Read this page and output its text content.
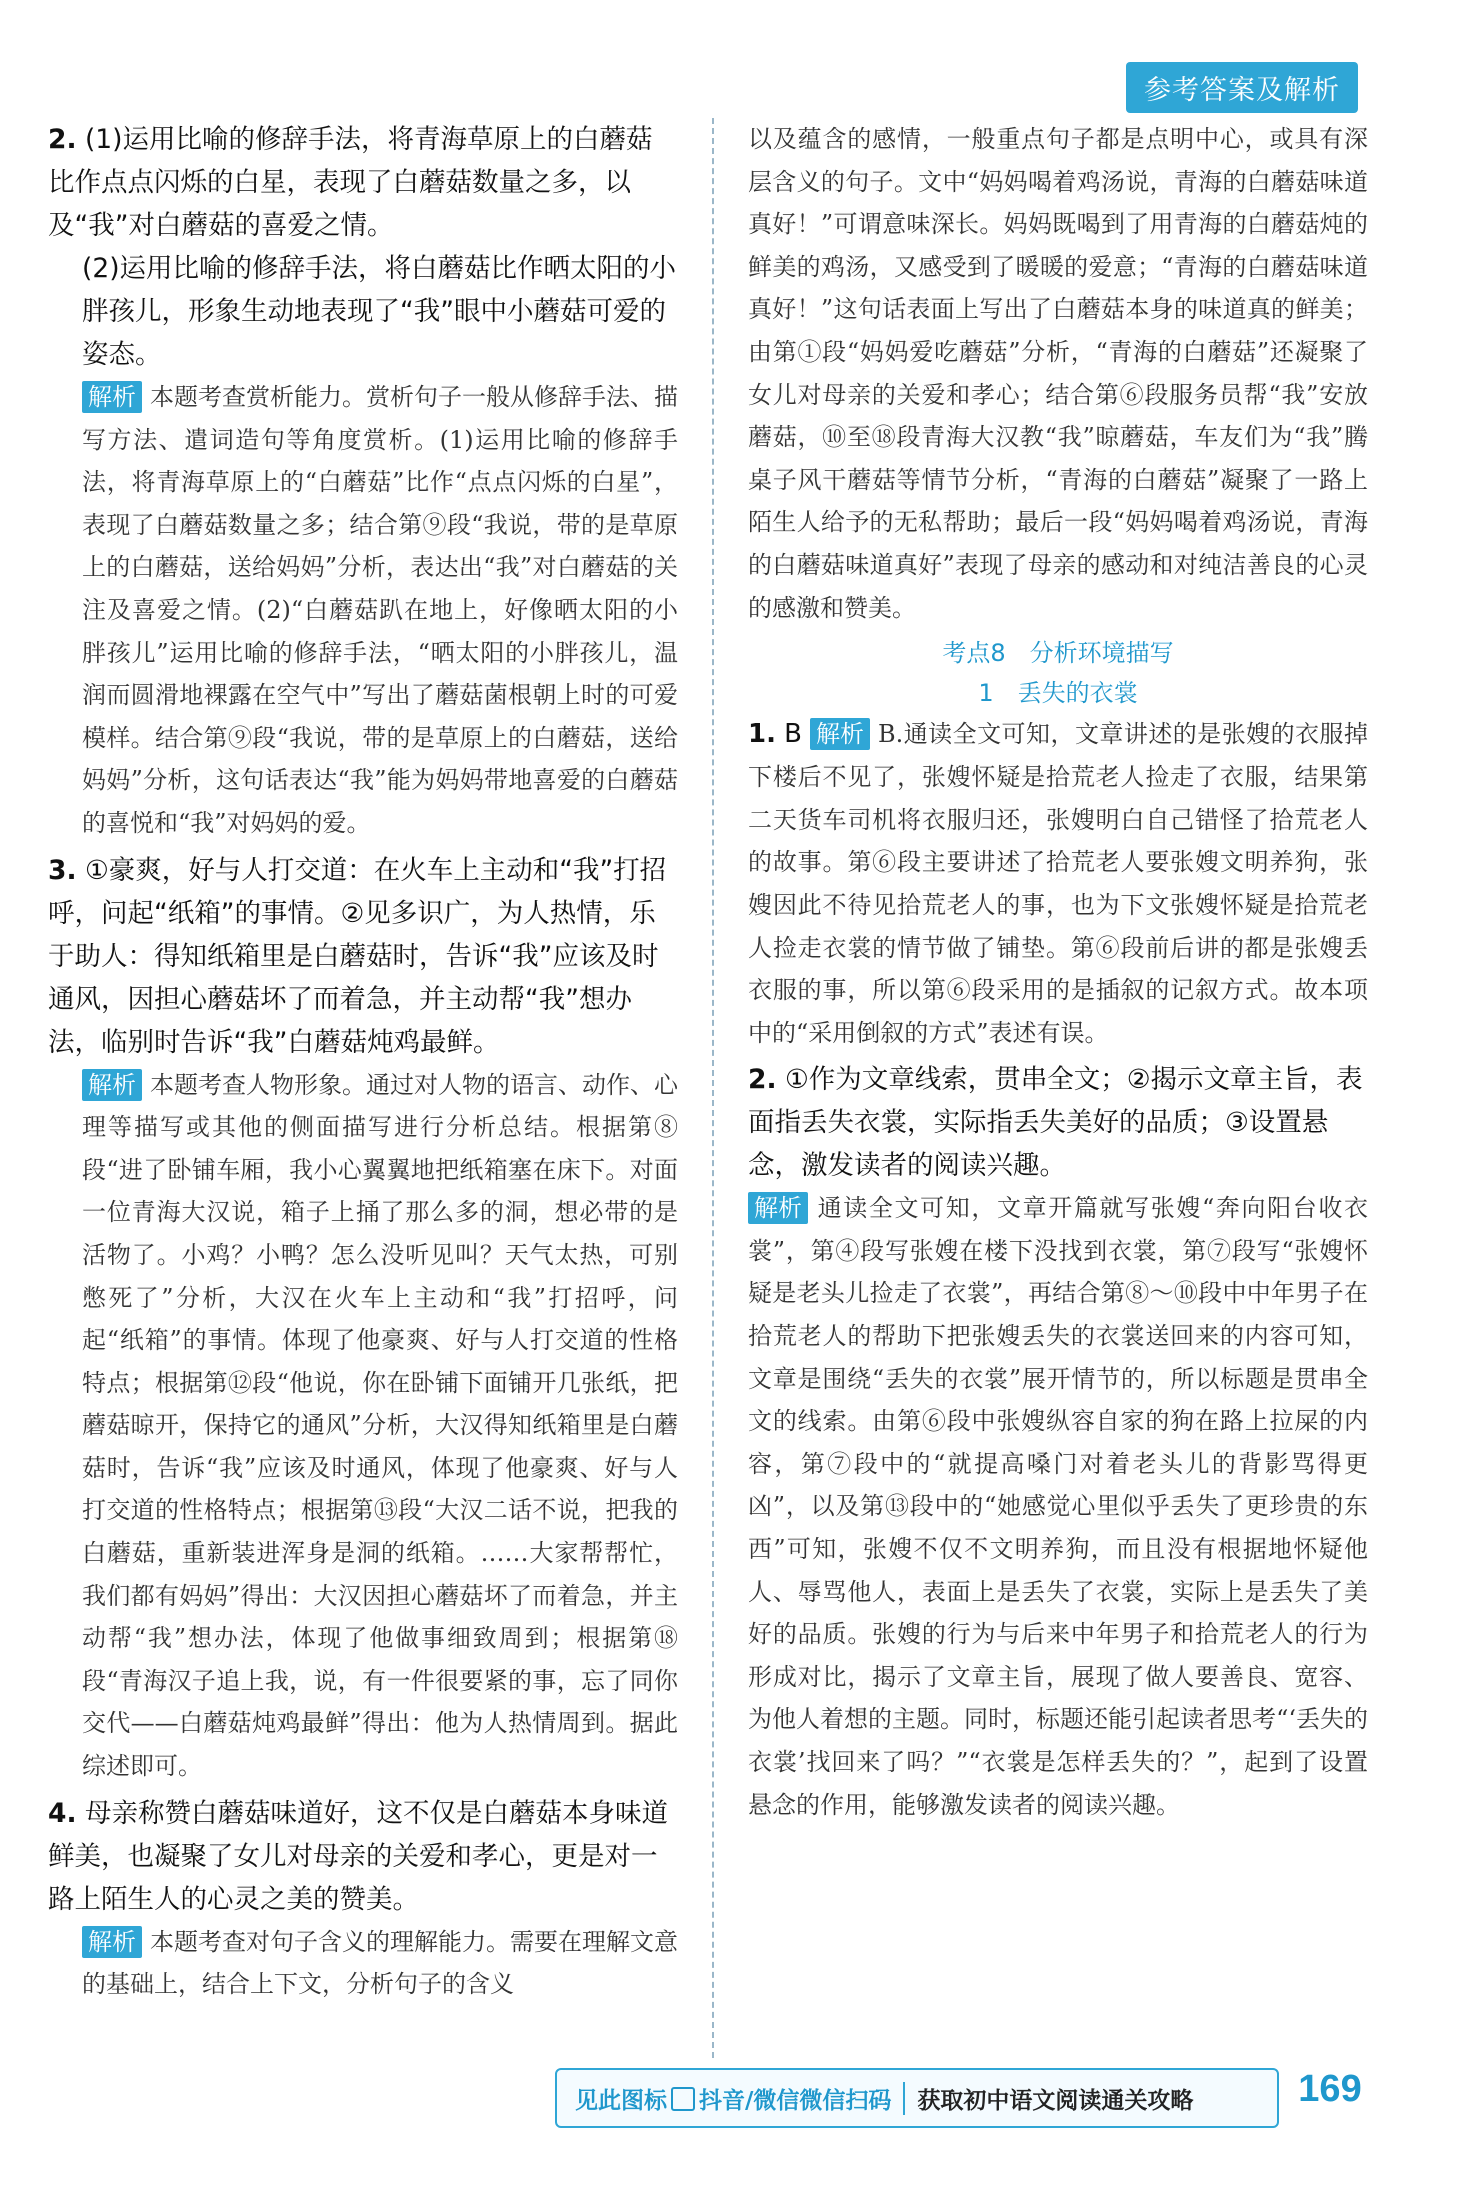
参考答案及解析

2. (1)运用比喻的修辞手法，将青海草原上的白蘑菇比作点点闪烁的白星，表现了白蘑菇数量之多，以及“我”对白蘑菇的喜爱之情。

(2)运用比喻的修辞手法，将白蘑菇比作晒太阳的小胖孩儿，形象生动地表现了“我”眼中小蘑菇可爱的姿态。

解析 本题考查赏析能力。赏析句子一般从修辞手法、描写方法、遣词造句等角度赏析。(1)运用比喻的修辞手法，将青海草原上的“白蘑菇”比作“点点闪烁的白星”，表现了白蘑菇数量之多；结合第⑨段“我说，带的是草原上的白蘑菇，送给妈妈”分析，表达出“我”对白蘑菇的关注及喜爱之情。(2)“白蘑菇趴在地上，好像晒太阳的小胖孩儿”运用比喻的修辞手法，“晒太阳的小胖孩儿，温润而圆滑地裸露在空气中”写出了蘑菇菌根朝上时的可爱模样。结合第⑨段“我说，带的是草原上的白蘑菇，送给妈妈”分析，这句话表达“我”能为妈妈带地喜爱的白蘑菇的喜悦和“我”对妈妈的爱。

3. ①豪爽，好与人打交道：在火车上主动和“我”打招呼，问起“纸箱”的事情。②见多识广，为人热情，乐于助人：得知纸箱里是白蘑菇时，告诉“我”应该及时通风，因担心蘑菇坏了而着急，并主动帮“我”想办法，临别时告诉“我”白蘑菇炖鸡最鲜。

解析 本题考查人物形象。通过对人物的语言、动作、心理等描写或其他的侧面描写进行分析总结。根据第⑧段“进了卧铺车厢，我小心翼翼地把纸箱塞在床下。对面一位青海大汉说，箱子上捅了那么多的洞，想必带的是活物了。小鸡？小鸭？怎么没听见叫？天气太热，可别憋死了”分析，大汉在火车上主动和“我”打招呼，问起“纸箱”的事情。体现了他豪爽、好与人打交道的性格特点；根据第⑫段“他说，你在卧铺下面铺开几张纸，把蘑菇晾开，保持它的通风”分析，大汉得知纸箱里是白蘑菇时，告诉“我”应该及时通风，体现了他豪爽、好与人打交道的性格特点；根据第⑬段“大汉二话不说，把我的白蘑菇，重新装进浑身是洞的纸箱。……大家帮帮忙，我们都有妈妈”得出：大汉因担心蘑菇坏了而着急，并主动帮“我”想办法，体现了他做事细致周到；根据第⑱段“青海汉子追上我，说，有一件很要紧的事，忘了同你交代——白蘑菇炖鸡最鲜”得出：他为人热情周到。据此综述即可。

4. 母亲称赞白蘑菇味道好，这不仅是白蘑菇本身味道鲜美，也凝聚了女儿对母亲的关爱和孝心，更是对一路上陌生人的心灵之美的赞美。

解析 本题考查对句子含义的理解能力。需要在理解文意的基础上，结合上下文，分析句子的含义

以及蕴含的感情，一般重点句子都是点明中心，或具有深层含义的句子。文中“妈妈喝着鸡汤说，青海的白蘑菇味道真好！”可谓意味深长。妈妈既喝到了用青海的白蘑菇炖的鲜美的鸡汤，又感受到了暖暖的爱意；“青海的白蘑菇味道真好！”这句话表面上写出了白蘑菇本身的味道真的鲜美；由第①段“妈妈爱吃蘑菇”分析，“青海的白蘑菇”还凝聚了女儿对母亲的关爱和孝心；结合第⑥段服务员帮“我”安放蘑菇，⑩至⑱段青海大汉教“我”晾蘑菇，车友们为“我”腾桌子风干蘑菇等情节分析，“青海的白蘑菇”凝聚了一路上陌生人给予的无私帮助；最后一段“妈妈喝着鸡汤说，青海的白蘑菇味道真好”表现了母亲的感动和对纯洁善良的心灵的感激和赞美。

考点8　分析环境描写

1　丢失的衣裳

1. B 解析 B.通读全文可知，文章讲述的是张嫂的衣服掉下楼后不见了，张嫂怀疑是拾荒老人捡走了衣服，结果第二天货车司机将衣服归还，张嫂明白自己错怪了拾荒老人的故事。第⑥段主要讲述了拾荒老人要张嫂文明养狗，张嫂因此不待见拾荒老人的事，也为下文张嫂怀疑是拾荒老人捡走衣裳的情节做了铺垫。第⑥段前后讲的都是张嫂丢衣服的事，所以第⑥段采用的是插叙的记叙方式。故本项中的“采用倒叙的方式”表述有误。

2. ①作为文章线索，贯串全文；②揭示文章主旨，表面指丢失衣裳，实际指丢失美好的品质；③设置悬念，激发读者的阅读兴趣。

解析 通读全文可知，文章开篇就写张嫂“奔向阳台收衣裳”，第④段写张嫂在楼下没找到衣裳，第⑦段写“张嫂怀疑是老头儿捡走了衣裳”，再结合第⑧～⑩段中中年男子在拾荒老人的帮助下把张嫂丢失的衣裳送回来的内容可知，文章是围绕“丢失的衣裳”展开情节的，所以标题是贯串全文的线索。由第⑥段中张嫂纵容自家的狗在路上拉屎的内容，第⑦段中的“就提高嗓门对着老头儿的背影骂得更凶”，以及第⑬段中的“她感觉心里似乎丢失了更珍贵的东西”可知，张嫂不仅不文明养狗，而且没有根据地怀疑他人、辱骂他人，表面上是丢失了衣裳，实际上是丢失了美好的品质。张嫂的行为与后来中年男子和拾荒老人的行为形成对比，揭示了文章主旨，展现了做人要善良、宽容、为他人着想的主题。同时，标题还能引起读者思考“‘丢失的衣裳’找回来了吗？”“衣裳是怎样丢失的？”，起到了设置悬念的作用，能够激发读者的阅读兴趣。

见此图标 抖音/微信微信扫码	获取初中语文阅读通关攻略	169
